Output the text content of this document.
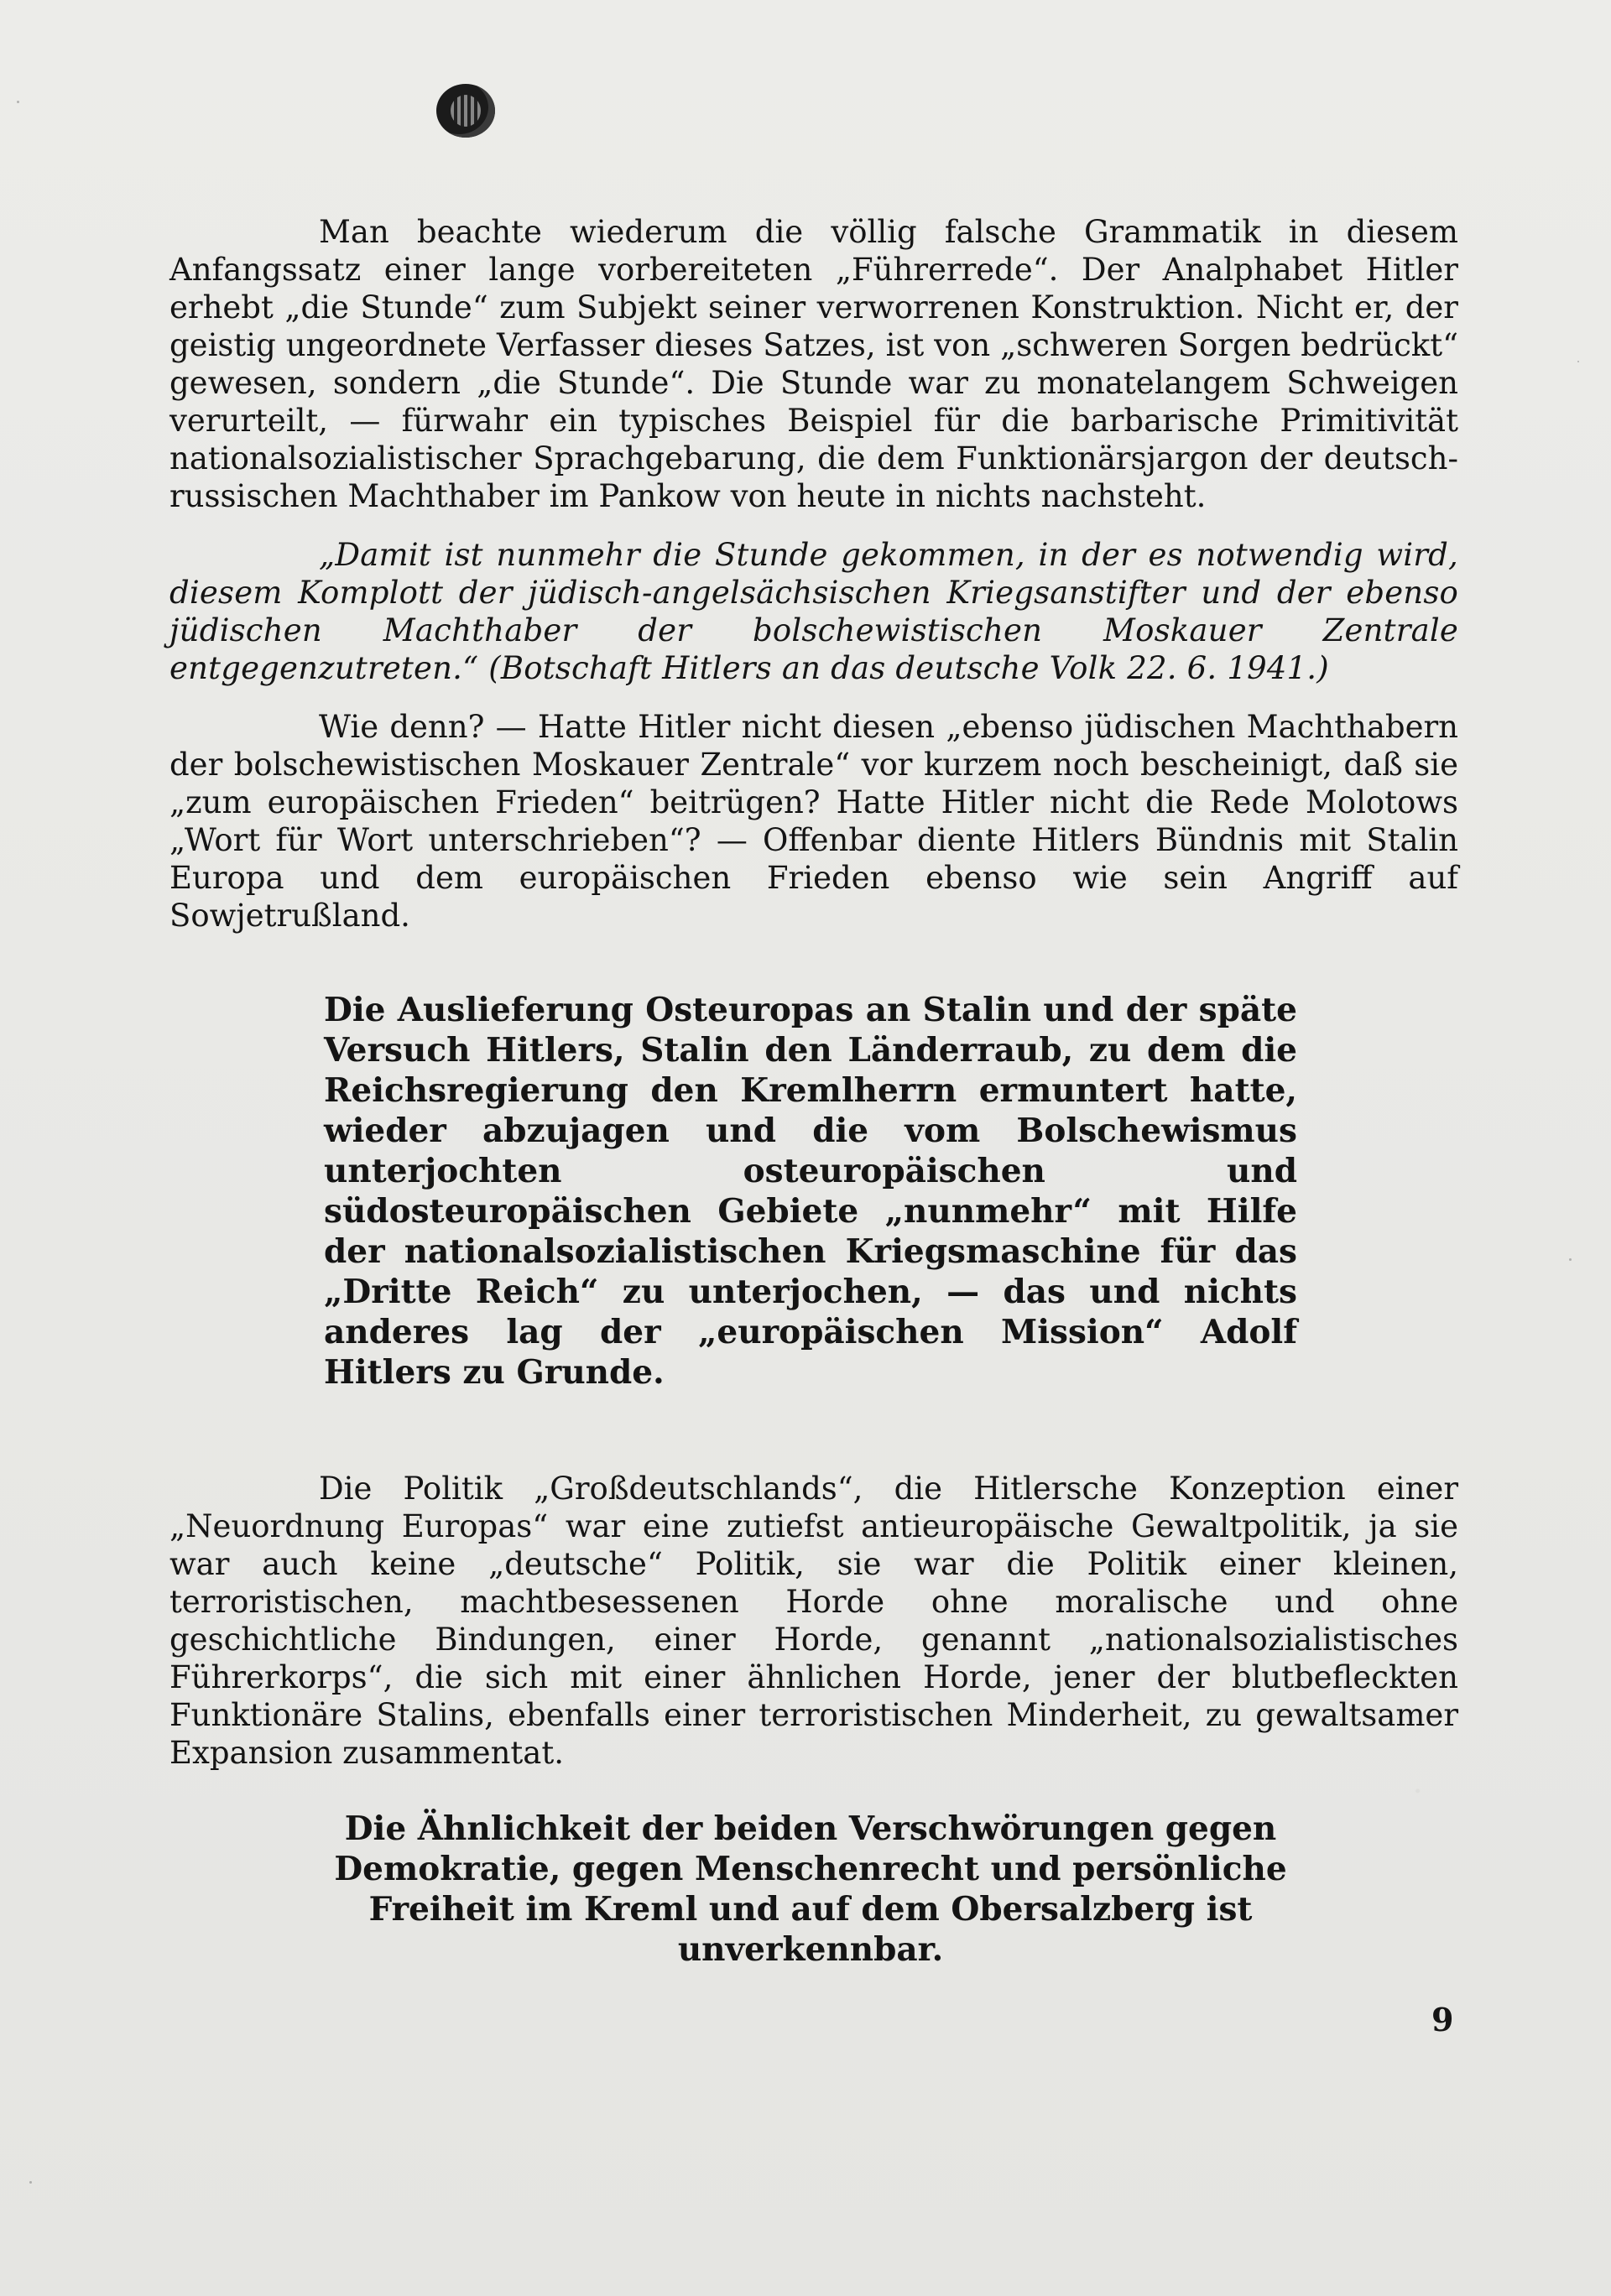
Man beachte wiederum die völlig falsche Grammatik in diesem Anfangssatz einer lange vorbereiteten „Führerrede“. Der Analphabet Hitler erhebt „die Stunde“ zum Subjekt seiner verworrenen Konstruktion. Nicht er, der geistig ungeordnete Verfasser dieses Satzes, ist von „schweren Sorgen bedrückt“ gewesen, sondern „die Stunde“. Die Stunde war zu monatelangem Schweigen verurteilt, — fürwahr ein typisches Beispiel für die barbarische Primitivität nationalsozialistischer Sprachgebarung, die dem Funktionärsjargon der deutsch-russischen Machthaber im Pankow von heute in nichts nachsteht.

„Damit ist nunmehr die Stunde gekommen, in der es notwendig wird, diesem Komplott der jüdisch-angelsächsischen Kriegsanstifter und der ebenso jüdischen Machthaber der bolschewistischen Moskauer Zentrale entgegenzutreten.“ (Botschaft Hitlers an das deutsche Volk 22. 6. 1941.)

Wie denn? — Hatte Hitler nicht diesen „ebenso jüdischen Machthabern der bolschewistischen Moskauer Zentrale“ vor kurzem noch bescheinigt, daß sie „zum europäischen Frieden“ beitrügen? Hatte Hitler nicht die Rede Molotows „Wort für Wort unterschrieben“? — Offenbar diente Hitlers Bündnis mit Stalin Europa und dem europäischen Frieden ebenso wie sein Angriff auf Sowjetrußland.

Die Auslieferung Osteuropas an Stalin und der späte Versuch Hitlers, Stalin den Länderraub, zu dem die Reichsregierung den Kremlherrn ermuntert hatte, wieder abzujagen und die vom Bolschewismus unterjochten osteuropäischen und südosteuropäischen Gebiete „nunmehr“ mit Hilfe der nationalsozialistischen Kriegsmaschine für das „Dritte Reich“ zu unterjochen, — das und nichts anderes lag der „europäischen Mission“ Adolf Hitlers zu Grunde.

Die Politik „Großdeutschlands“, die Hitlersche Konzeption einer „Neuordnung Europas“ war eine zutiefst antieuropäische Gewaltpolitik, ja sie war auch keine „deutsche“ Politik, sie war die Politik einer kleinen, terroristischen, machtbesessenen Horde ohne moralische und ohne geschichtliche Bindungen, einer Horde, genannt „nationalsozialistisches Führerkorps“, die sich mit einer ähnlichen Horde, jener der blutbefleckten Funktionäre Stalins, ebenfalls einer terroristischen Minderheit, zu gewaltsamer Expansion zusammentat.

Die Ähnlichkeit der beiden Verschwörungen gegen Demokratie, gegen Menschenrecht und persönliche Freiheit im Kreml und auf dem Obersalzberg ist unverkennbar.

9
